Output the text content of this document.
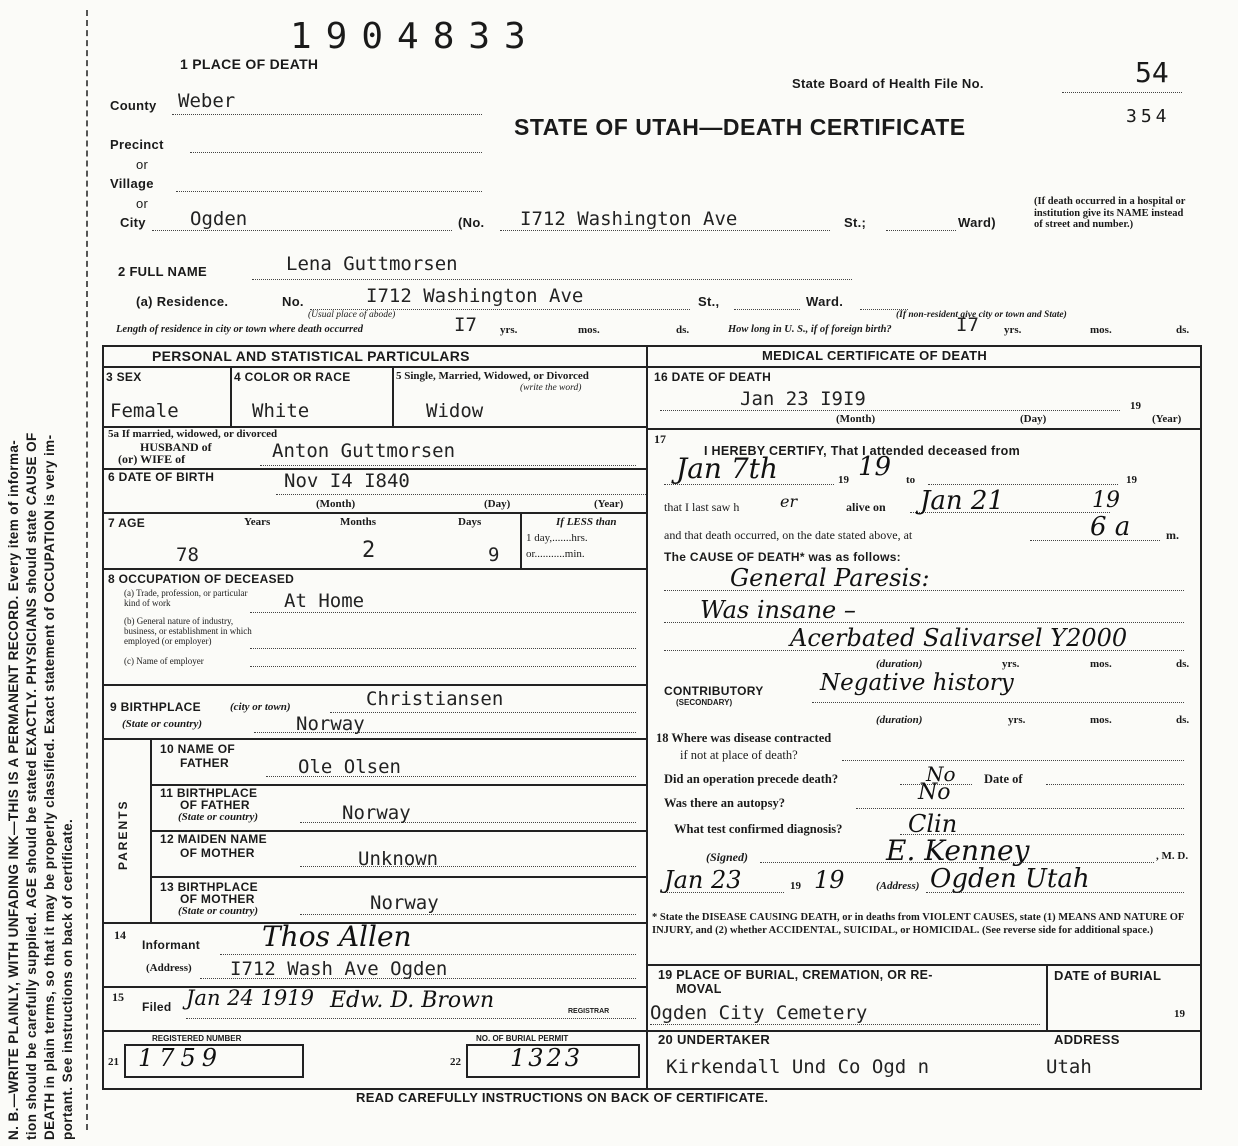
N. B.—WRITE PLAINLY, WITH UNFADING INK—THIS IS A PERMANENT RECORD. Every item of informa- tion should be carefully supplied. AGE should be stated EXACTLY. PHYSICIANS should state CAUSE OF DEATH in plain terms, so that it may be properly classified. Exact statement of OCCUPATION is very im- portant. See instructions on back of certificate.
1904833
1 PLACE OF DEATH
State Board of Health File No.	54
354
STATE OF UTAH—DEATH CERTIFICATE
County Weber
Precinct
or
Village
or
City Ogden	(No. I712 Washington Ave	St.;	Ward)
(If death occurred in a hospital or institution give its NAME instead of street and number.)
2 FULL NAME	Lena Guttmorsen
(a) Residence.	No.	I712 Washington Ave	St.,	Ward.
(Usual place of abode)	(If non-resident give city or town and State)
Length of residence in city or town where death occurred	I7 yrs.	mos.	ds.	How long in U. S., if of foreign birth?	I7 yrs.	mos.	ds.
PERSONAL AND STATISTICAL PARTICULARS
3 SEX	4 COLOR OR RACE	5 Single, Married, Widowed, or Divorced
(write the word)
Female	White	Widow
5a If married, widowed, or divorced
HUSBAND of
(or) WIFE of	Anton Guttmorsen
6 DATE OF BIRTH	Nov I4 I840
(Month)	(Day)	(Year)
7 AGE	Years	Months	Days	If LESS than
1 day,.......hrs.
or...........min.
78	2	9
8 OCCUPATION OF DECEASED
(a) Trade, profession, or particular kind of work	At Home
(b) General nature of industry, business, or establishment in which employed (or employer)
(c) Name of employer
9 BIRTHPLACE	(city or town)	Christiansen
(State or country)	Norway
PARENTS
10 NAME OF
FATHER	Ole Olsen
11 BIRTHPLACE
OF FATHER
(State or country)	Norway
12 MAIDEN NAME
OF MOTHER	Unknown
13 BIRTHPLACE
OF MOTHER
(State or country)	Norway
14
Informant Thos Allen
(Address) I712 Wash Ave Ogden
15
Filed Jan 24 1919 Edw. D. Brown	REGISTRAR
REGISTERED NUMBER	NO. OF BURIAL PERMIT
21 1759	22 1323
MEDICAL CERTIFICATE OF DEATH
16 DATE OF DEATH
Jan 23 I9I9	19
(Month)	(Day)	(Year)
17
I HEREBY CERTIFY, That I attended deceased from
Jan 7th	19 19 to	19
that I last saw h	er	alive on Jan 21	19
and that death occurred, on the date stated above, at	6 a	m.
The CAUSE OF DEATH* was as follows:
General Paresis:
Was insane –
Acerbated Salivarsel Y2000
(duration)	yrs.	mos.	ds.
CONTRIBUTORY
(SECONDARY)
Negative history
(duration)	yrs.	mos.	ds.
18 Where was disease contracted
if not at place of death?
Did an operation precede death?	No Date of
Was there an autopsy?	No
What test confirmed diagnosis?	Clin
(Signed)	E. Kenney	, M. D.
Jan 23	19 19	(Address) Ogden Utah
* State the DISEASE CAUSING DEATH, or in deaths from VIOLENT CAUSES, state (1) MEANS AND NATURE OF INJURY, and (2) whether ACCIDENTAL, SUICIDAL, or HOMICIDAL. (See reverse side for additional space.)
19 PLACE OF BURIAL, CREMATION, OR RE-
MOVAL
DATE of BURIAL
Ogden City Cemetery	19
20 UNDERTAKER	ADDRESS
Kirkendall Und Co Ogd n	Utah
READ CAREFULLY INSTRUCTIONS ON BACK OF CERTIFICATE.
